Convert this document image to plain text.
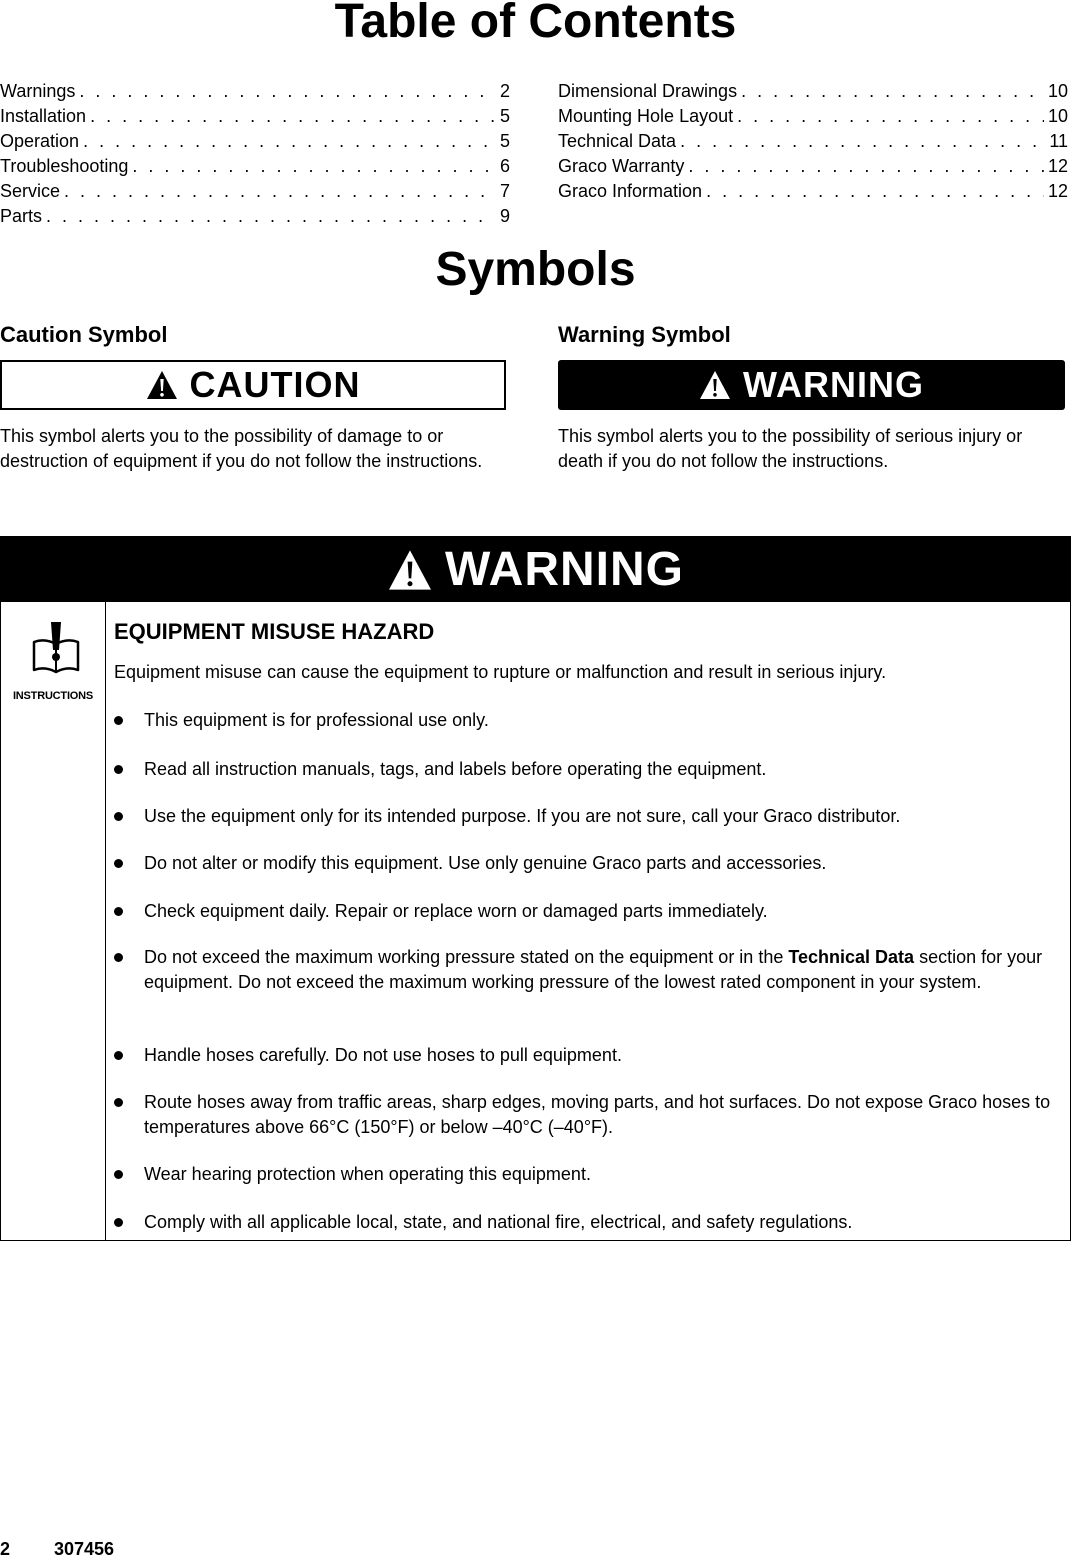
Table of Contents
Warnings . . .	2
Installation . . .	5
Operation . . .	5
Troubleshooting . . .	6
Service . . .	7
Parts . . .	9
Dimensional Drawings . . .	10
Mounting Hole Layout . . .	10
Technical Data . . .	11
Graco Warranty . . .	12
Graco Information . . .	12
Symbols
Caution Symbol	Warning Symbol
CAUTION	WARNING

This symbol alerts you to the possibility of damage to or destruction of equipment if you do not follow the instructions.

This symbol alerts you to the possibility of serious injury or death if you do not follow the instructions.

WARNING
INSTRUCTIONS
EQUIPMENT MISUSE HAZARD

Equipment misuse can cause the equipment to rupture or malfunction and result in serious injury.

This equipment is for professional use only.
Read all instruction manuals, tags, and labels before operating the equipment.
Use the equipment only for its intended purpose. If you are not sure, call your Graco distributor.
Do not alter or modify this equipment. Use only genuine Graco parts and accessories.
Check equipment daily. Repair or replace worn or damaged parts immediately.
Do not exceed the maximum working pressure stated on the equipment or in the Technical Data section for your equipment. Do not exceed the maximum working pressure of the lowest rated component in your system.
Handle hoses carefully. Do not use hoses to pull equipment.
Route hoses away from traffic areas, sharp edges, moving parts, and hot surfaces. Do not expose Graco hoses to temperatures above 66°C (150°F) or below –40°C (–40°F).
Wear hearing protection when operating this equipment.
Comply with all applicable local, state, and national fire, electrical, and safety regulations.
2 307456
